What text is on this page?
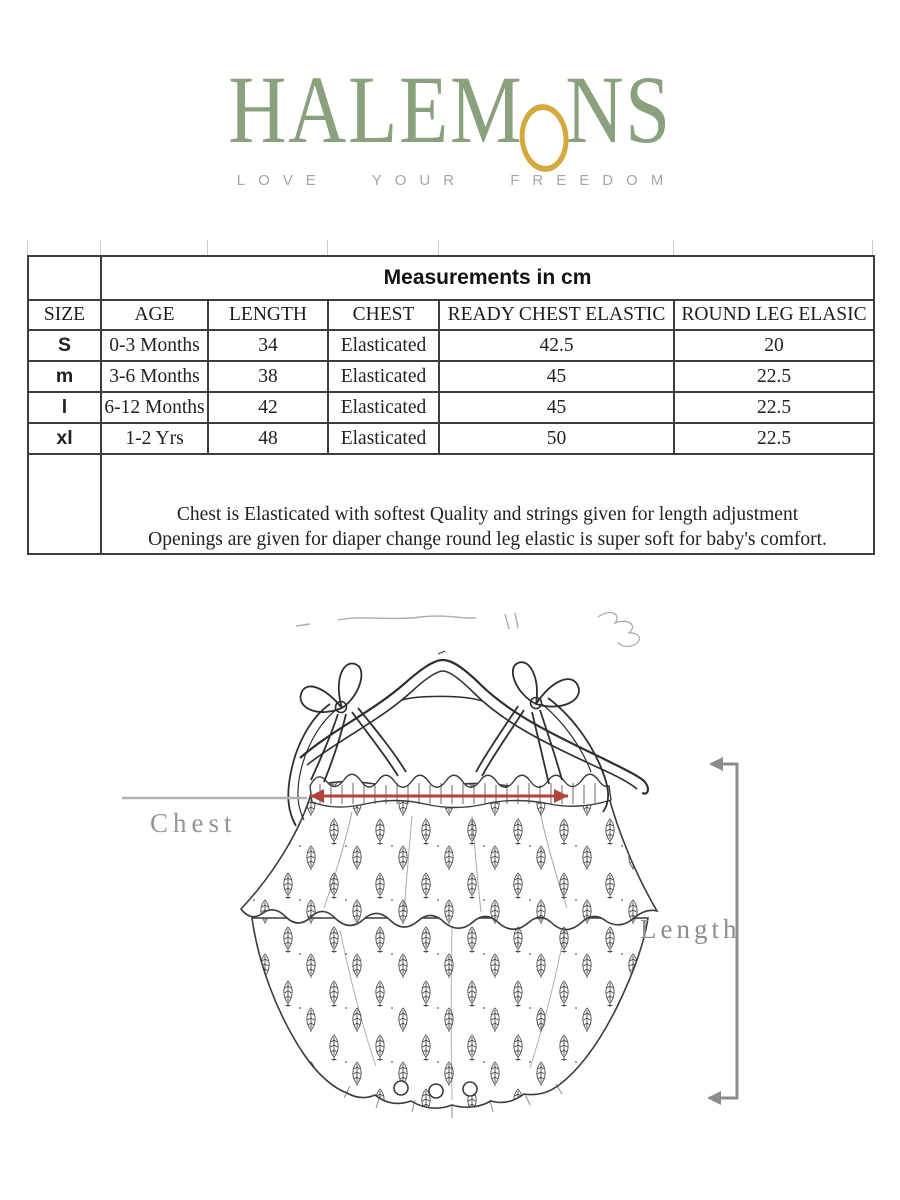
HALEM NS
LOVE YOUR FREEDOM
	Measurements in cm				
SIZE	AGE	LENGTH	CHEST	READY CHEST ELASTIC	ROUND LEG ELASIC
S	0-3 Months	34	Elasticated	42.5	20
m	3-6 Months	38	Elasticated	45	22.5
l	6-12 Months	42	Elasticated	45	22.5
xl	1-2 Yrs	48	Elasticated	50	22.5

	Chest is Elasticated with softest Quality and strings given for length adjustment
Openings are given for diaper change round leg elastic is super soft for baby's comfort.				
Chest
Length
